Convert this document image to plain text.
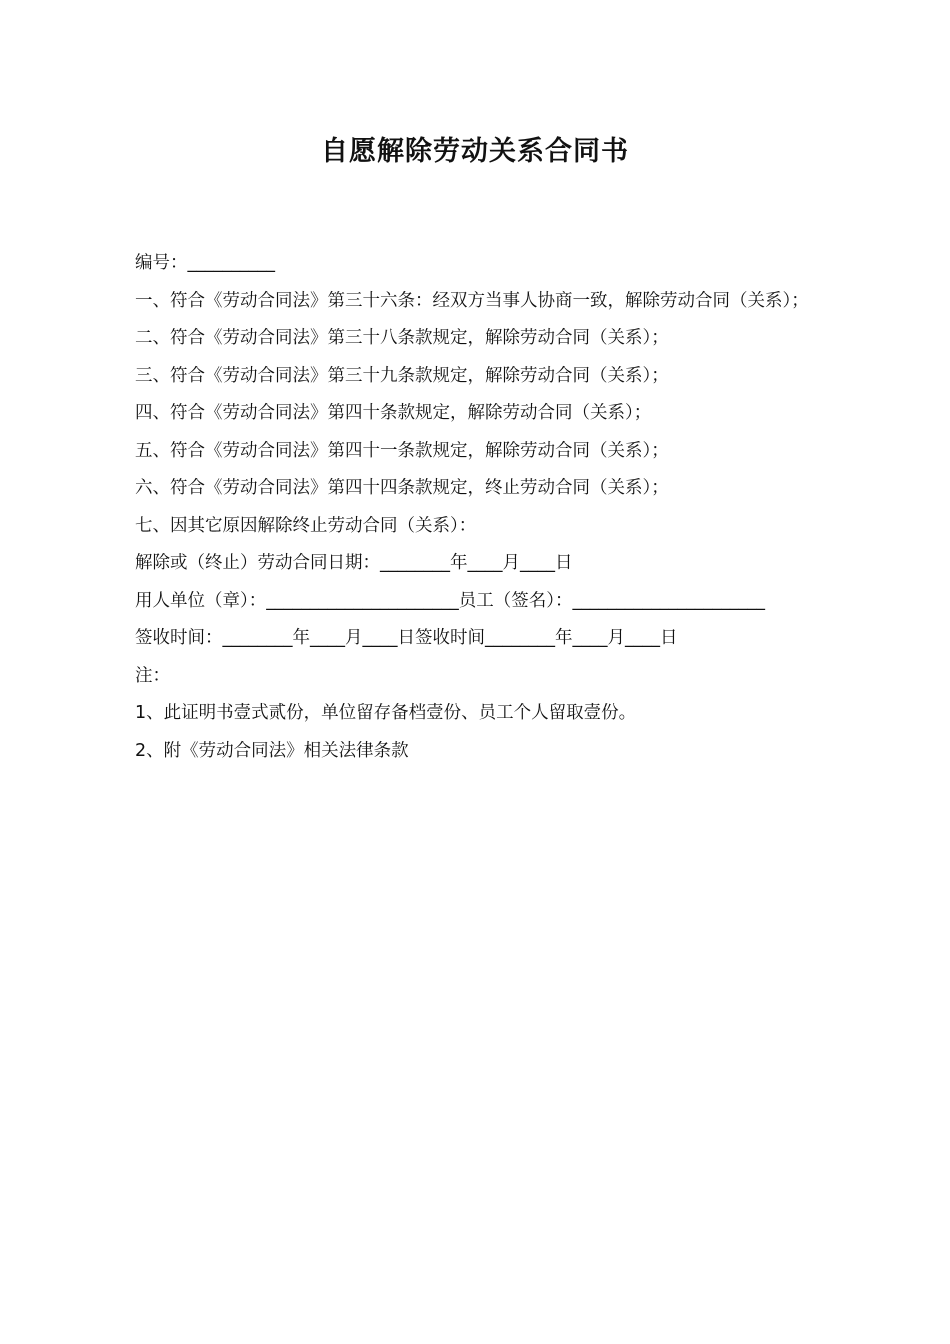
自愿解除劳动关系合同书

编号：__________

一、符合《劳动合同法》第三十六条：经双方当事人协商一致，解除劳动合同（关系）；

二、符合《劳动合同法》第三十八条款规定，解除劳动合同（关系）；

三、符合《劳动合同法》第三十九条款规定，解除劳动合同（关系）；

四、符合《劳动合同法》第四十条款规定，解除劳动合同（关系）；

五、符合《劳动合同法》第四十一条款规定，解除劳动合同（关系）；

六、符合《劳动合同法》第四十四条款规定，终止劳动合同（关系）；

七、因其它原因解除终止劳动合同（关系）：

解除或（终止）劳动合同日期：________年____月____日

用人单位（章）：______________________员工（签名）：______________________

签收时间：________年____月____日签收时间________年____月____日

注：

1、此证明书壹式贰份，单位留存备档壹份、员工个人留取壹份。

2、附《劳动合同法》相关法律条款
